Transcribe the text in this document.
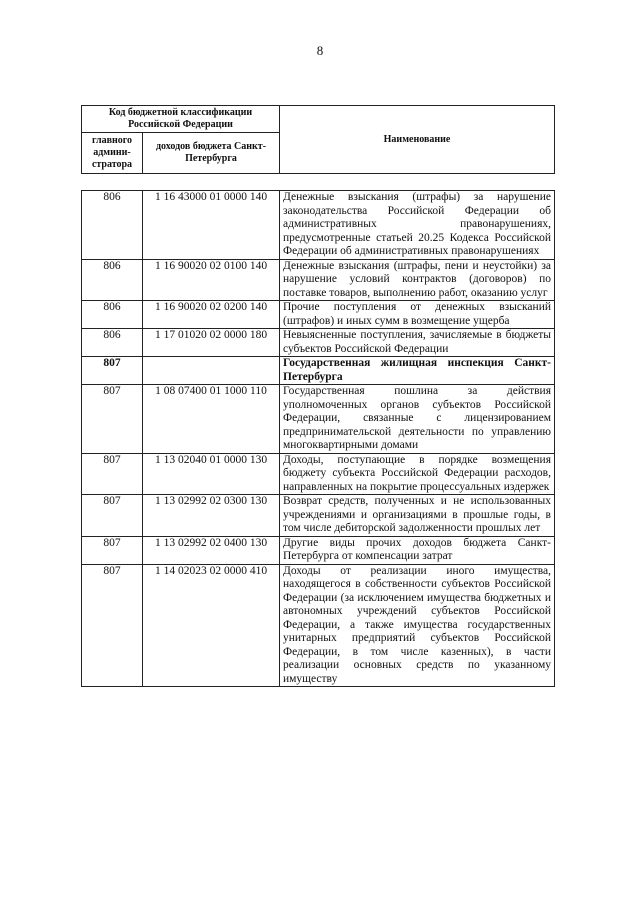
8
Код бюджетной классификации Российской Федерации		Наименование
главного админи-стратора	доходов бюджета Санкт-Петербурга	
806	1 16 43000 01 0000 140	Денежные взыскания (штрафы) за нарушение законодательства Российской Федерации об административных правонарушениях, предусмотренные статьей 20.25 Кодекса Российской Федерации об административных правонарушениях
806	1 16 90020 02 0100 140	Денежные взыскания (штрафы, пени и неустойки) за нарушение условий контрактов (договоров) по поставке товаров, выполнению работ, оказанию услуг
806	1 16 90020 02 0200 140	Прочие поступления от денежных взысканий (штрафов) и иных сумм в возмещение ущерба
806	1 17 01020 02 0000 180	Невыясненные поступления, зачисляемые в бюджеты субъектов Российской Федерации
807		Государственная жилищная инспекция Санкт-Петербурга
807	1 08 07400 01 1000 110	Государственная пошлина за действия уполномоченных органов субъектов Российской Федерации, связанные с лицензированием предпринимательской деятельности по управлению многоквартирными домами
807	1 13 02040 01 0000 130	Доходы, поступающие в порядке возмещения бюджету субъекта Российской Федерации расходов, направленных на покрытие процессуальных издержек
807	1 13 02992 02 0300 130	Возврат средств, полученных и не использованных учреждениями и организациями в прошлые годы, в том числе дебиторской задолженности прошлых лет
807	1 13 02992 02 0400 130	Другие виды прочих доходов бюджета Санкт-Петербурга от компенсации затрат
807	1 14 02023 02 0000 410	Доходы от реализации иного имущества, находящегося в собственности субъектов Российской Федерации (за исключением имущества бюджетных и автономных учреждений субъектов Российской Федерации, а также имущества государственных унитарных предприятий субъектов Российской Федерации, в том числе казенных), в части реализации основных средств по указанному имуществу
